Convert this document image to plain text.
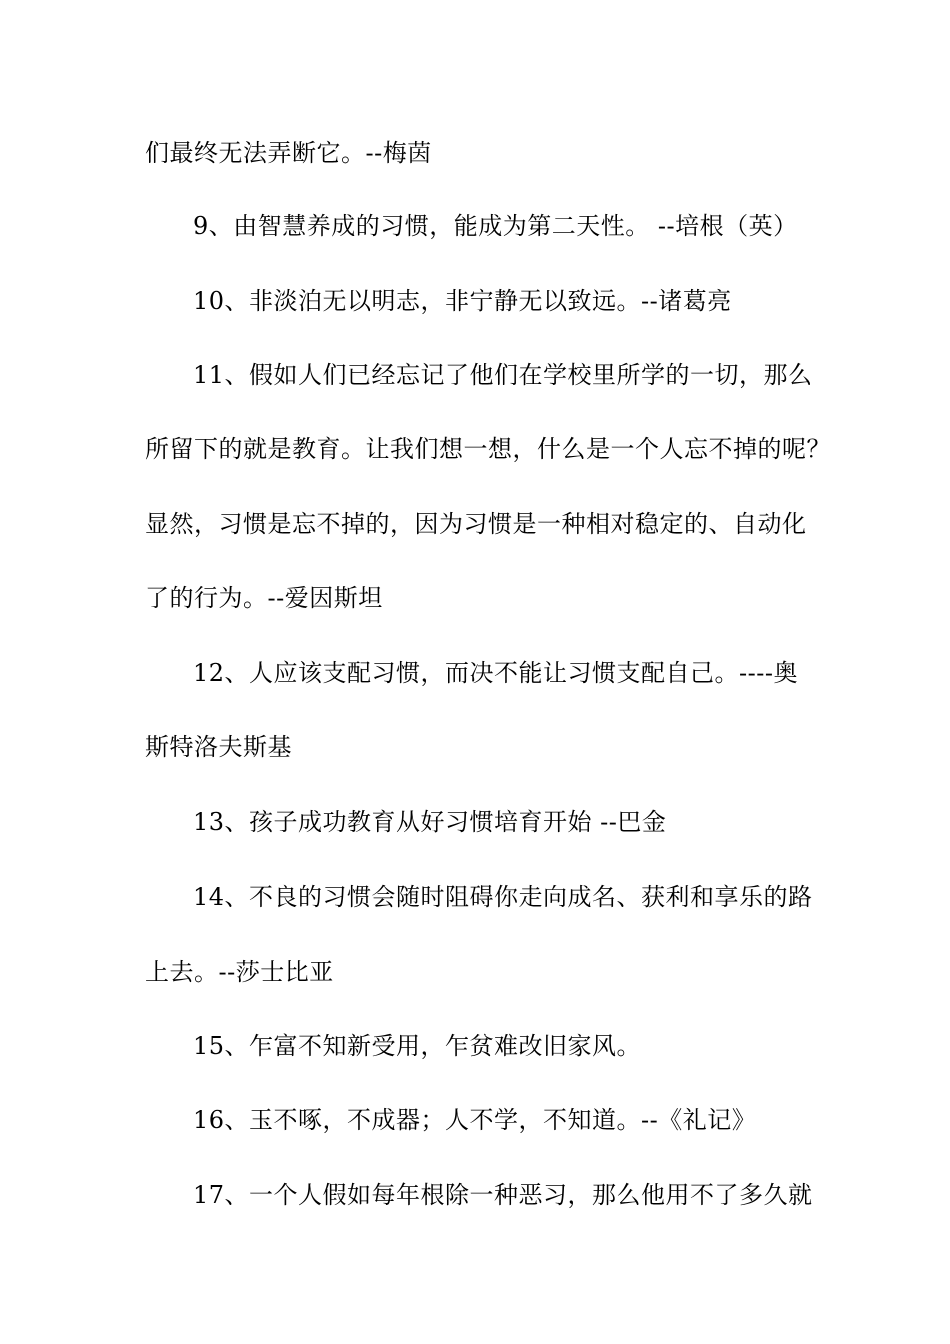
们最终无法弄断它。--梅茵
9、由智慧养成的习惯，能成为第二天性。 --培根（英）
10、非淡泊无以明志，非宁静无以致远。--诸葛亮
11、假如人们已经忘记了他们在学校里所学的一切，那么
所留下的就是教育。让我们想一想，什么是一个人忘不掉的呢？
显然，习惯是忘不掉的，因为习惯是一种相对稳定的、自动化
了的行为。--爱因斯坦
12、人应该支配习惯，而决不能让习惯支配自己。----奥
斯特洛夫斯基
13、孩子成功教育从好习惯培育开始 --巴金
14、不良的习惯会随时阻碍你走向成名、获利和享乐的路
上去。--莎士比亚
15、乍富不知新受用，乍贫难改旧家风。
16、玉不啄，不成器；人不学，不知道。--《礼记》
17、一个人假如每年根除一种恶习，那么他用不了多久就
